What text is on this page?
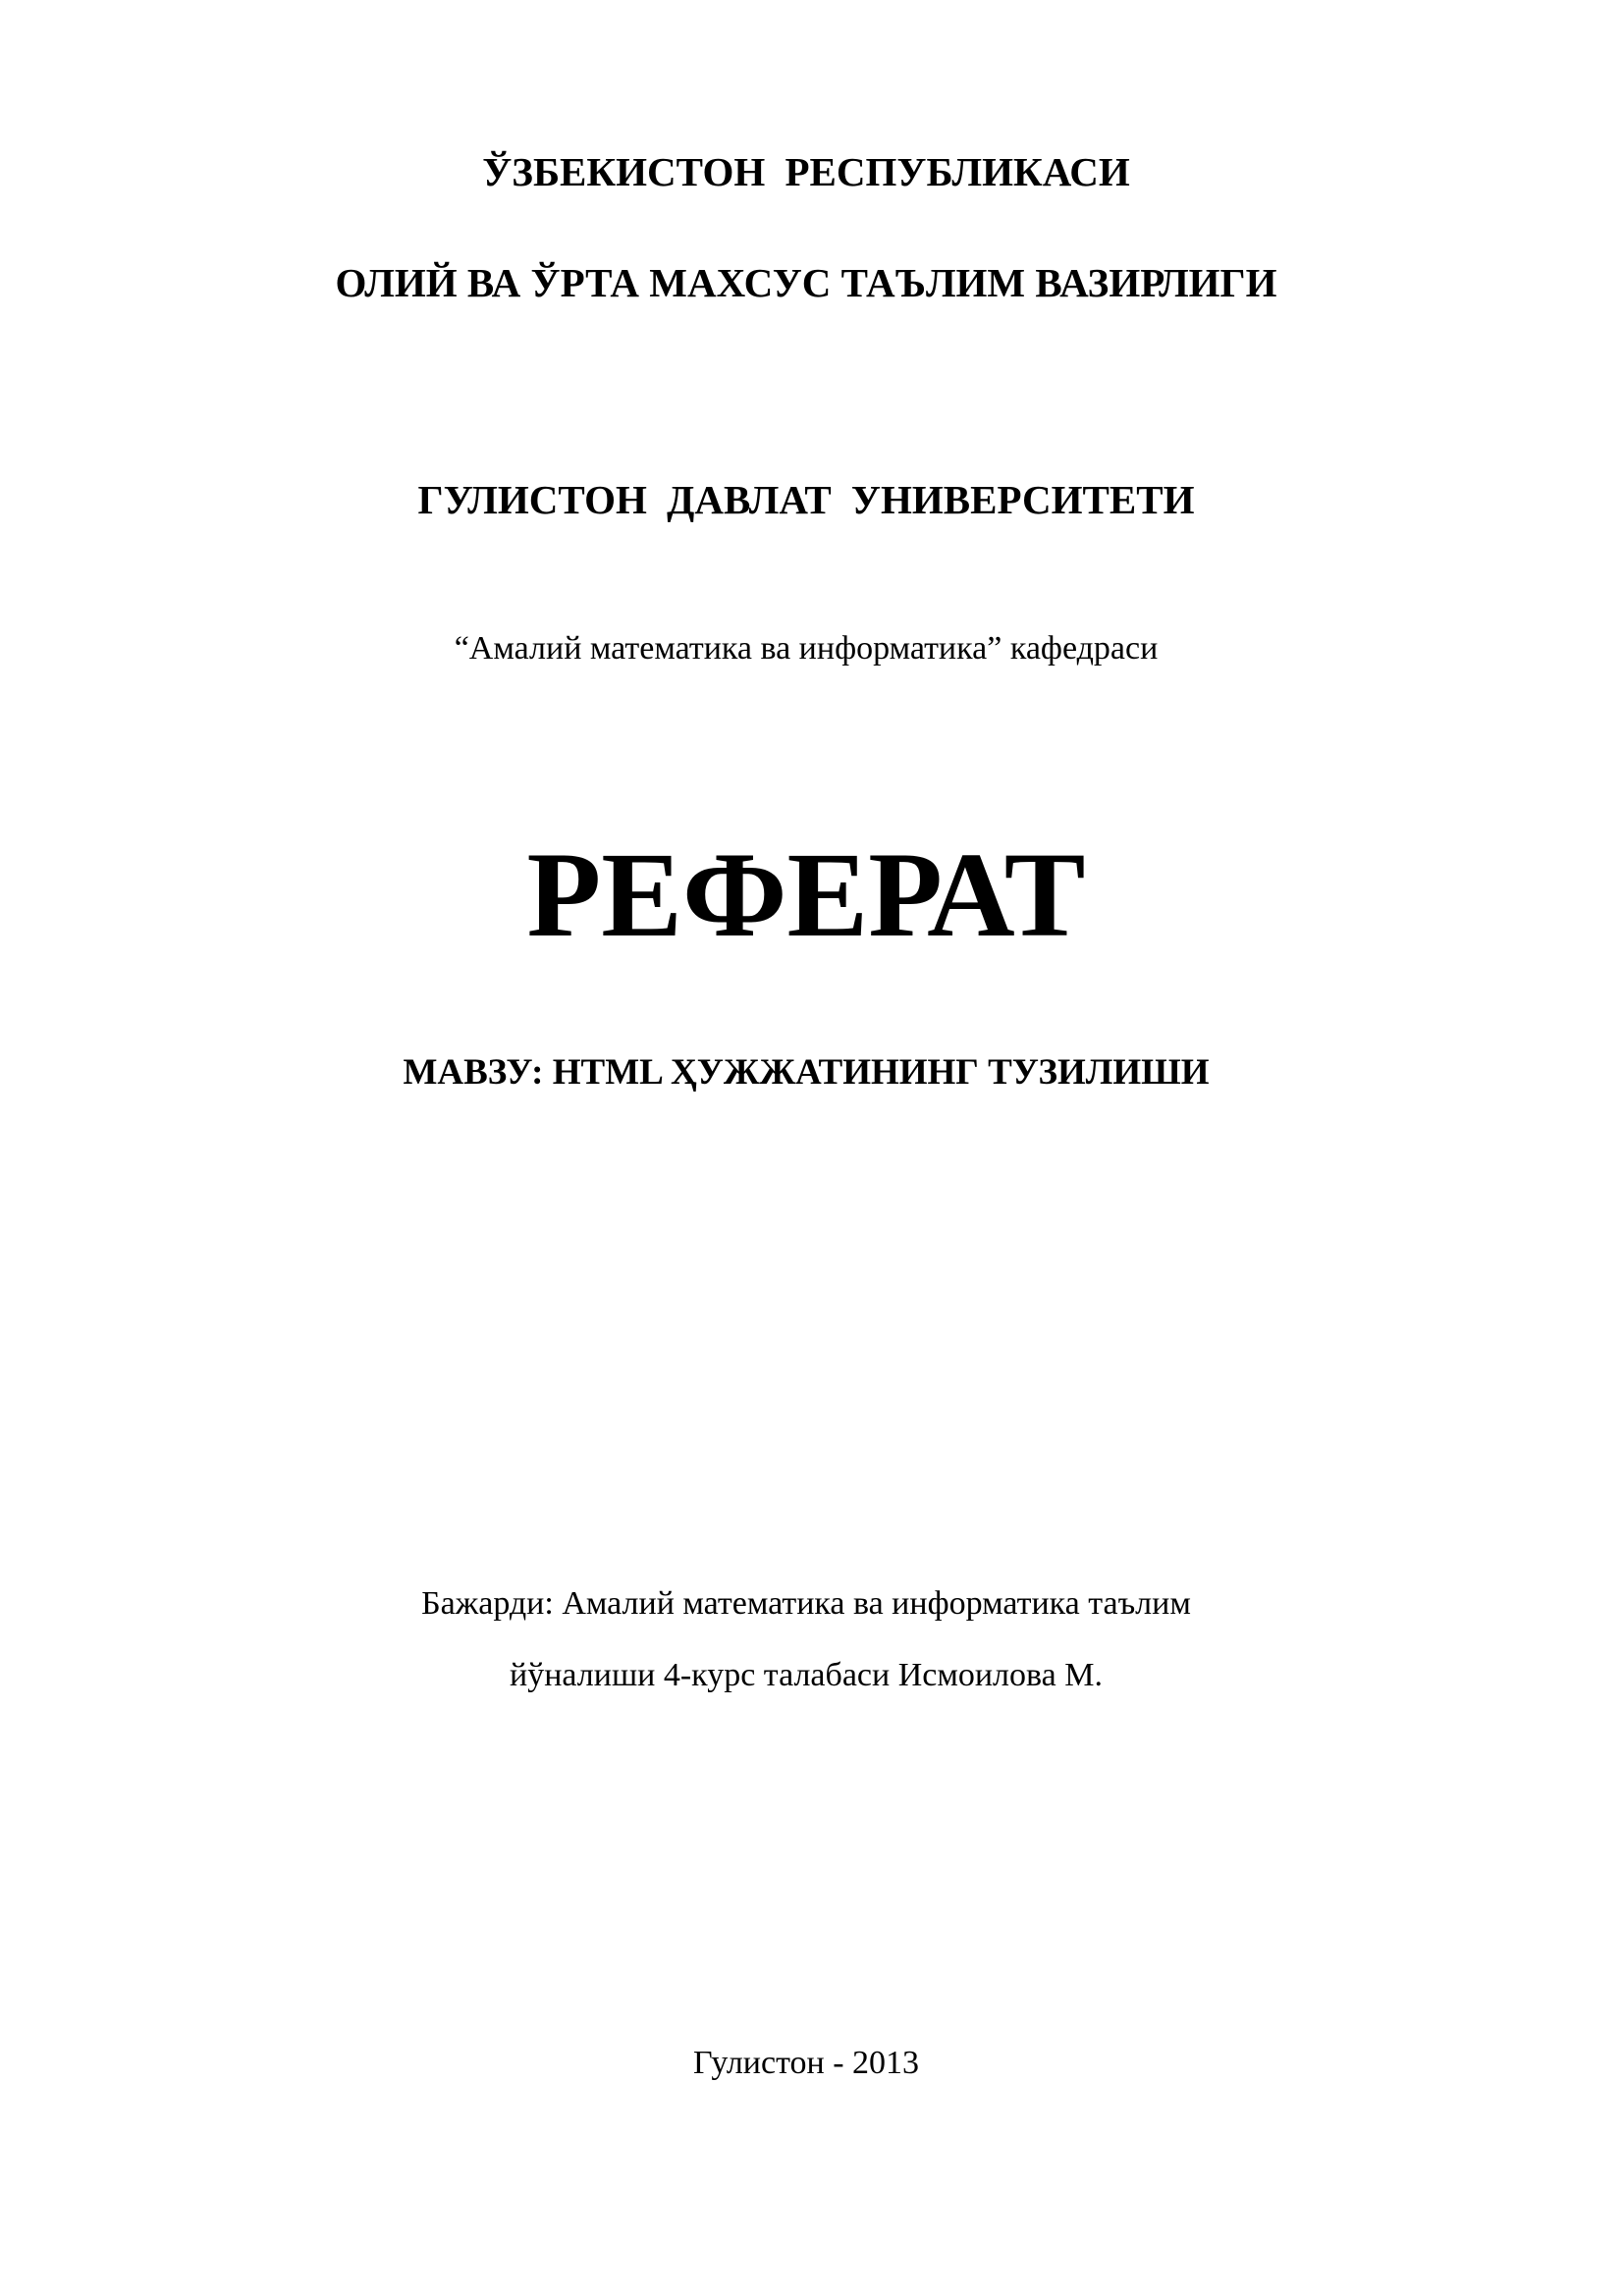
ЎЗБЕКИСТОН РЕСПУБЛИКАСИ
ОЛИЙ ВА ЎРТА МАХСУС ТАЪЛИМ ВАЗИРЛИГИ
ГУЛИСТОН ДАВЛАТ УНИВЕРСИТЕТИ
“Амалий математика ва информатика” кафедраси
РЕФЕРАТ
МАВЗУ: HTML ҲУЖЖАТИНИНГ ТУЗИЛИШИ
Бажарди: Амалий математика ва информатика таълим
йўналиши 4-курс талабаси Исмоилова М.
Гулистон - 2013
